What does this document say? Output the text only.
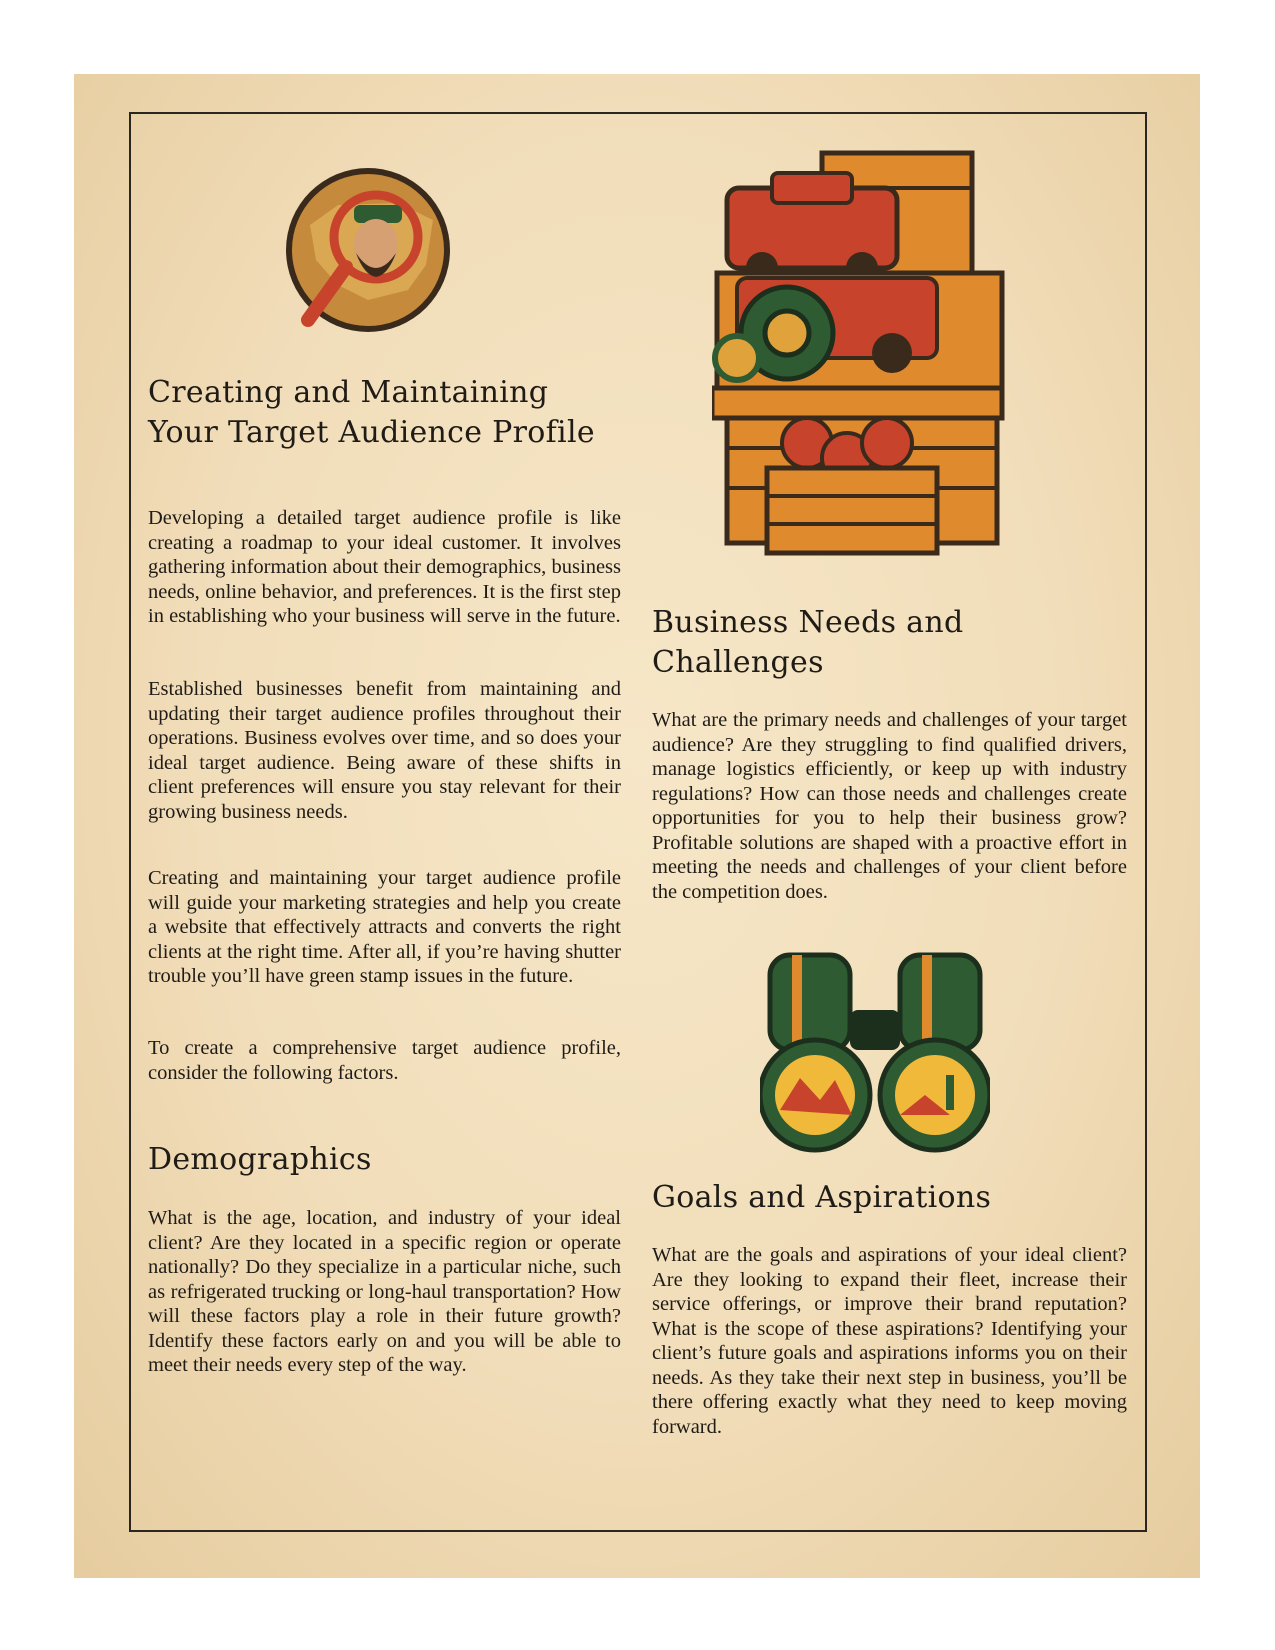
Creating and Maintaining Your Target Audience Profile

Developing a detailed target audience profile is like creating a roadmap to your ideal customer. It involves gathering information about their demographics, business needs, online behavior, and preferences. It is the first step in establishing who your business will serve in the future.

Established businesses benefit from maintaining and updating their target audience profiles throughout their operations. Business evolves over time, and so does your ideal target audience. Being aware of these shifts in client preferences will ensure you stay relevant for their growing business needs.

Creating and maintaining your target audience profile will guide your marketing strategies and help you create a website that effectively attracts and converts the right clients at the right time. After all, if you’re having shutter trouble you’ll have green stamp issues in the future.

To create a comprehensive target audience profile, consider the following factors.

Demographics

What is the age, location, and industry of your ideal client? Are they located in a specific region or operate nationally? Do they specialize in a particular niche, such as refrigerated trucking or long-haul transportation? How will these factors play a role in their future growth? Identify these factors early on and you will be able to meet their needs every step of the way.

Business Needs and Challenges

What are the primary needs and challenges of your target audience? Are they struggling to find qualified drivers, manage logistics efficiently, or keep up with industry regulations? How can those needs and challenges create opportunities for you to help their business grow? Profitable solutions are shaped with a proactive effort in meeting the needs and challenges of your client before the competition does.

Goals and Aspirations

What are the goals and aspirations of your ideal client? Are they looking to expand their fleet, increase their service offerings, or improve their brand reputation? What is the scope of these aspirations? Identifying your client’s future goals and aspirations informs you on their needs. As they take their next step in business, you’ll be there offering exactly what they need to keep moving forward.
